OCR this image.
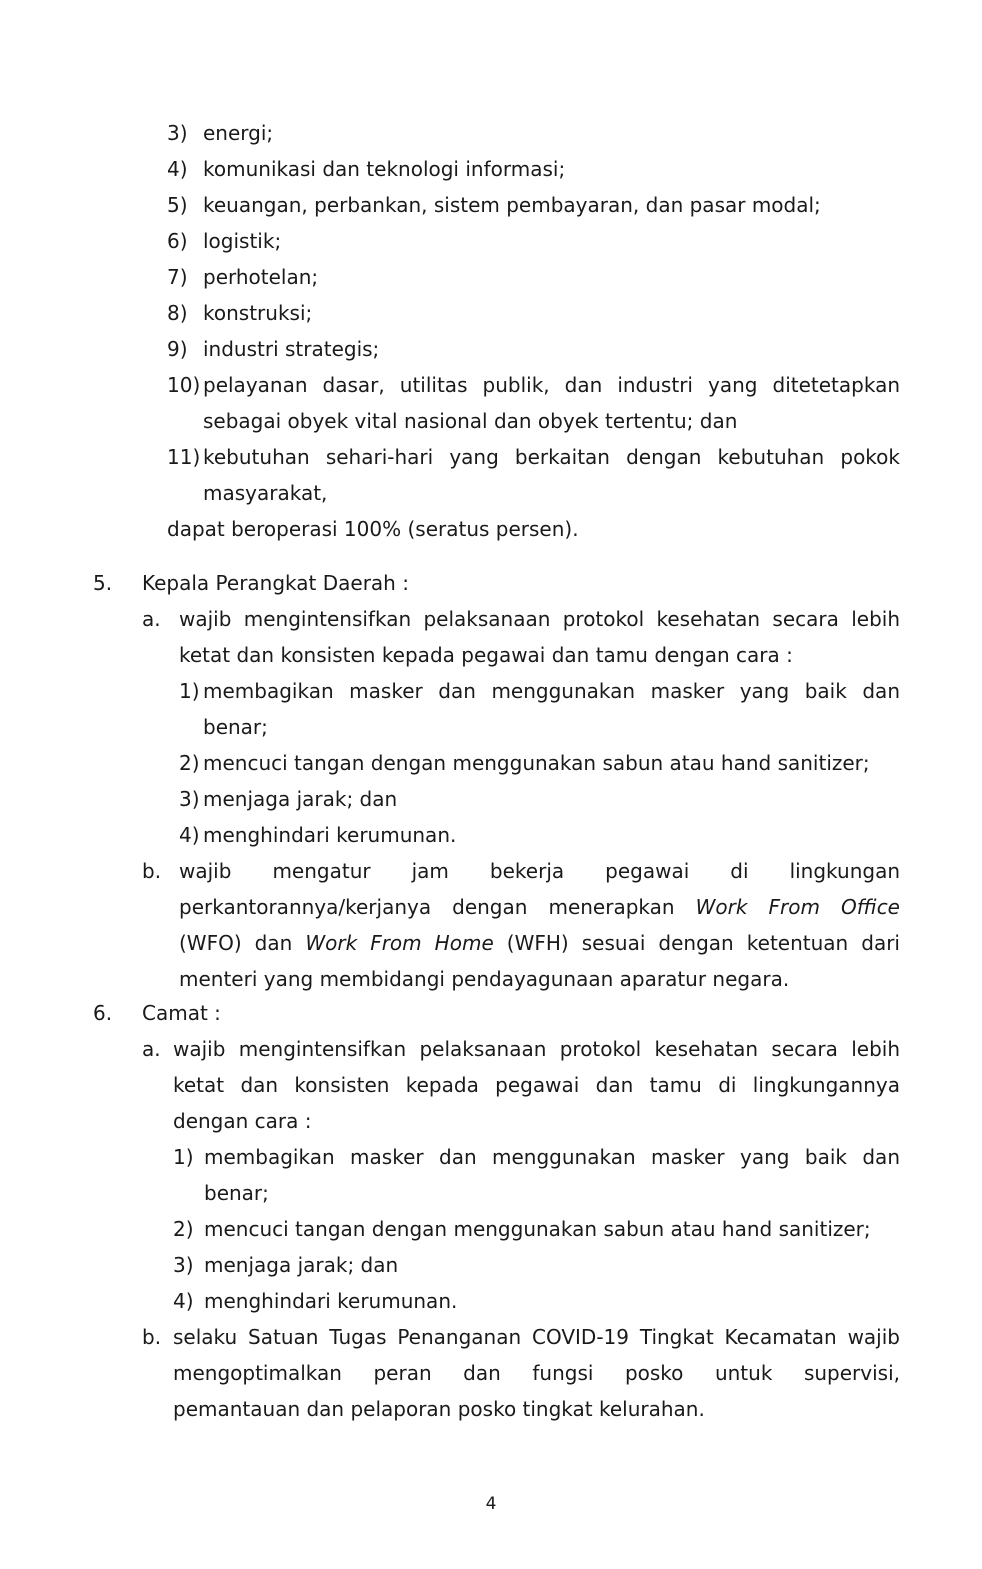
3) energi;
4) komunikasi dan teknologi informasi;
5) keuangan, perbankan, sistem pembayaran, dan pasar modal;
6) logistik;
7) perhotelan;
8) konstruksi;
9) industri strategis;
10) pelayanan dasar, utilitas publik, dan industri yang ditetetapkan
sebagai obyek vital nasional dan obyek tertentu; dan
11) kebutuhan sehari-hari yang berkaitan dengan kebutuhan pokok
masyarakat,
dapat beroperasi 100% (seratus persen).
5. Kepala Perangkat Daerah :
a. wajib mengintensifkan pelaksanaan protokol kesehatan secara lebih
ketat dan konsisten kepada pegawai dan tamu dengan cara :
1) membagikan masker dan menggunakan masker yang baik dan
benar;
2) mencuci tangan dengan menggunakan sabun atau hand sanitizer;
3) menjaga jarak; dan
4) menghindari kerumunan.
b. wajib mengatur jam bekerja pegawai di lingkungan
perkantorannya/kerjanya dengan menerapkan Work From Office
(WFO) dan Work From Home (WFH) sesuai dengan ketentuan dari
menteri yang membidangi pendayagunaan aparatur negara.
6. Camat :
a. wajib mengintensifkan pelaksanaan protokol kesehatan secara lebih
ketat dan konsisten kepada pegawai dan tamu di lingkungannya
dengan cara :
1) membagikan masker dan menggunakan masker yang baik dan
benar;
2) mencuci tangan dengan menggunakan sabun atau hand sanitizer;
3) menjaga jarak; dan
4) menghindari kerumunan.
b. selaku Satuan Tugas Penanganan COVID-19 Tingkat Kecamatan wajib
mengoptimalkan peran dan fungsi posko untuk supervisi,
pemantauan dan pelaporan posko tingkat kelurahan.
4
